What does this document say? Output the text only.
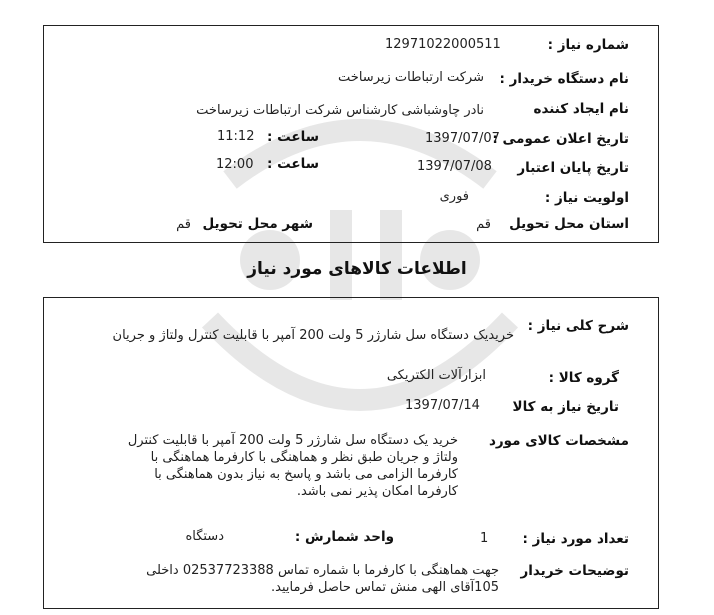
شماره نیاز :
12971022000511
نام دستگاه خریدار :
شرکت ارتباطات زیرساخت
نام ایجاد کننده
نادر چاوشباشی کارشناس شرکت ارتباطات زیرساخت
تاریخ اعلان عمومی :
1397/07/07
ساعت :
11:12
تاریخ پایان اعتبار
1397/07/08
ساعت :
12:00
اولویت نیاز :
فوری
استان محل تحویل
قم
شهر محل تحویل
قم
اطلاعات کالاهای مورد نیاز
شرح کلی نیاز :
خریدیک دستگاه سل شارژر 5 ولت 200 آمپر با قابلیت کنترل ولتاژ و جریان
گروه کالا :
ابزارآلات الکتریکی
تاریخ نیاز به کالا
1397/07/14
مشخصات کالای مورد
خرید یک دستگاه سل شارژر 5 ولت 200 آمپر با قابلیت کنترل ولتاژ و جریان طبق نظر و هماهنگی با کارفرما هماهنگی با کارفرما الزامی می باشد و پاسخ به نیاز بدون هماهنگی با کارفرما امکان پذیر نمی باشد.
تعداد مورد نیاز :
1
واحد شمارش :
دستگاه
توضیحات خریدار
جهت هماهنگی با کارفرما با شماره تماس 02537723388 داخلی 105آقای الهی منش تماس حاصل فرمایید.
